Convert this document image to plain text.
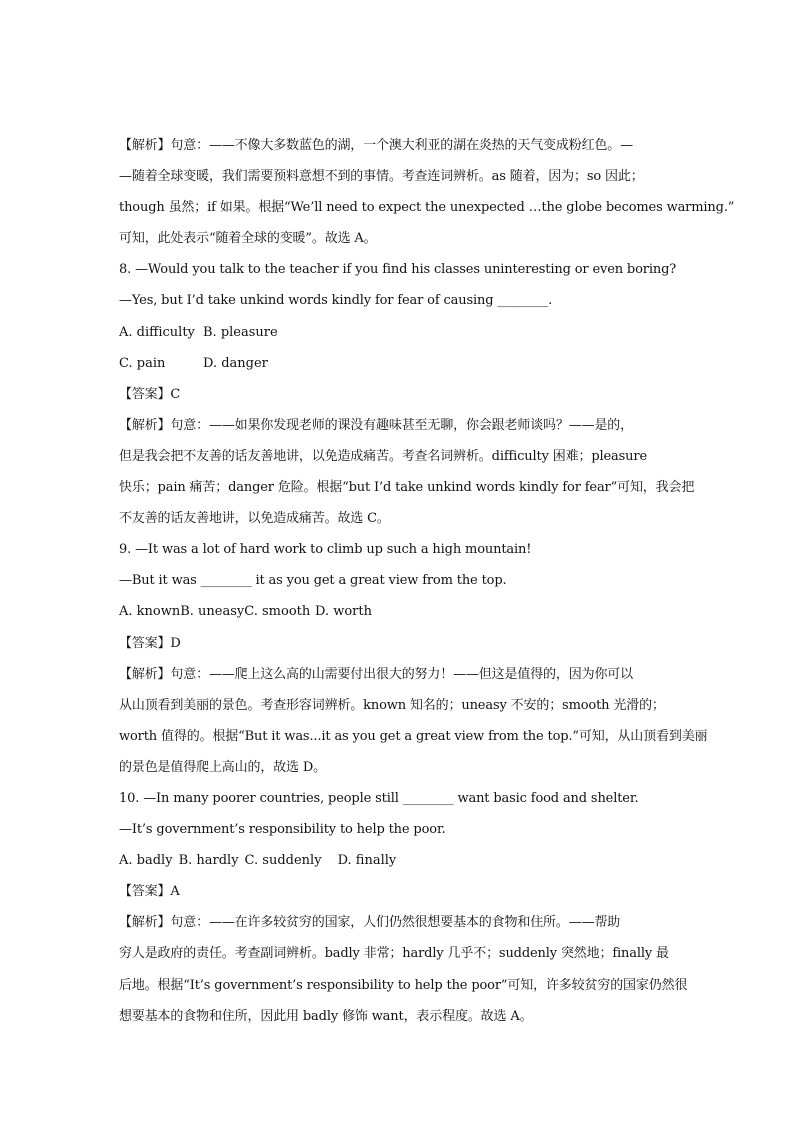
【解析】句意：——不像大多数蓝色的湖，一个澳大利亚的湖在炎热的天气变成粉红色。—
—随着全球变暖，我们需要预料意想不到的事情。考查连词辨析。as 随着，因为；so 因此；
though 虽然；if 如果。根据“We’ll need to expect the unexpected …the globe becomes warming.”
可知，此处表示“随着全球的变暖”。故选 A。
8. —Would you talk to the teacher if you find his classes uninteresting or even boring?
—Yes, but I’d take unkind words kindly for fear of causing ________.
A. difficulty B. pleasure
C. pain	D. danger
【答案】C
【解析】句意：——如果你发现老师的课没有趣味甚至无聊，你会跟老师谈吗？——是的，
但是我会把不友善的话友善地讲，以免造成痛苦。考查名词辨析。difficulty 困难；pleasure
快乐；pain 痛苦；danger 危险。根据“but I’d take unkind words kindly for fear”可知，我会把
不友善的话友善地讲，以免造成痛苦。故选 C。
9. —It was a lot of hard work to climb up such a high mountain!
—But it was ________ it as you get a great view from the top.
A. knownB. uneasyC. smooth D. worth
【答案】D
【解析】句意：——爬上这么高的山需要付出很大的努力！——但这是值得的，因为你可以
从山顶看到美丽的景色。考查形容词辨析。known 知名的；uneasy 不安的；smooth 光滑的；
worth 值得的。根据“But it was...it as you get a great view from the top.”可知，从山顶看到美丽
的景色是值得爬上高山的，故选 D。
10. —In many poorer countries, people still ________ want basic food and shelter.
—It’s government’s responsibility to help the poor.
A. badly B. hardly C. suddenly D. finally
【答案】A
【解析】句意：——在许多较贫穷的国家，人们仍然很想要基本的食物和住所。——帮助
穷人是政府的责任。考查副词辨析。badly 非常；hardly 几乎不；suddenly 突然地；finally 最
后地。根据“It’s government’s responsibility to help the poor”可知，许多较贫穷的国家仍然很
想要基本的食物和住所，因此用 badly 修饰 want，表示程度。故选 A。
